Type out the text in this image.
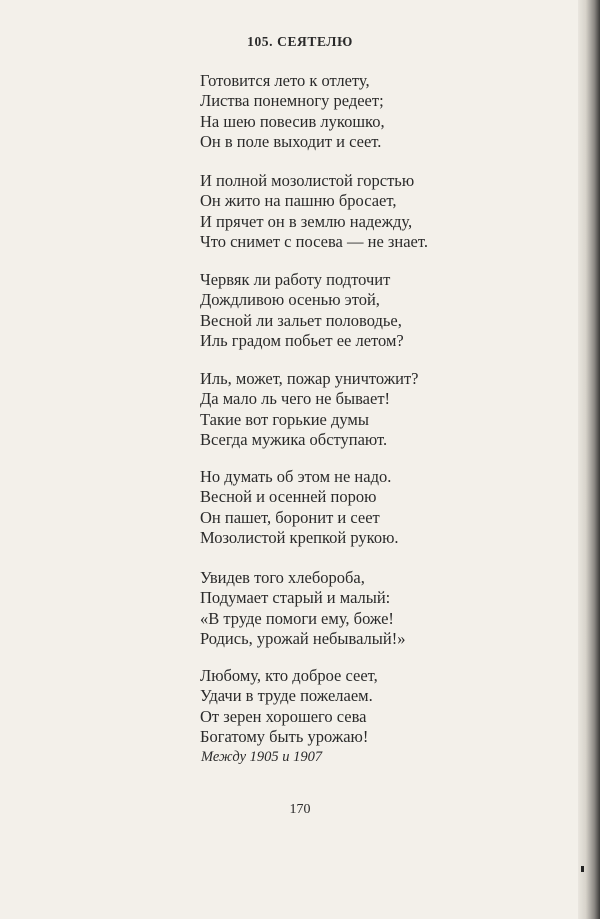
105. СЕЯТЕЛЮ
Готовится лето к отлету,
Листва понемногу редеет;
На шею повесив лукошко,
Он в поле выходит и сеет.
И полной мозолистой горстью
Он жито на пашню бросает,
И прячет он в землю надежду,
Что снимет с посева — не знает.
Червяк ли работу подточит
Дождливою осенью этой,
Весной ли зальет половодье,
Иль градом побьет ее летом?
Иль, может, пожар уничтожит?
Да мало ль чего не бывает!
Такие вот горькие думы
Всегда мужика обступают.
Но думать об этом не надо.
Весной и осенней порою
Он пашет, боронит и сеет
Мозолистой крепкой рукою.
Увидев того хлебороба,
Подумает старый и малый:
«В труде помоги ему, боже!
Родись, урожай небывалый!»
Любому, кто доброе сеет,
Удачи в труде пожелаем.
От зерен хорошего сева
Богатому быть урожаю!
Между 1905 и 1907
170
